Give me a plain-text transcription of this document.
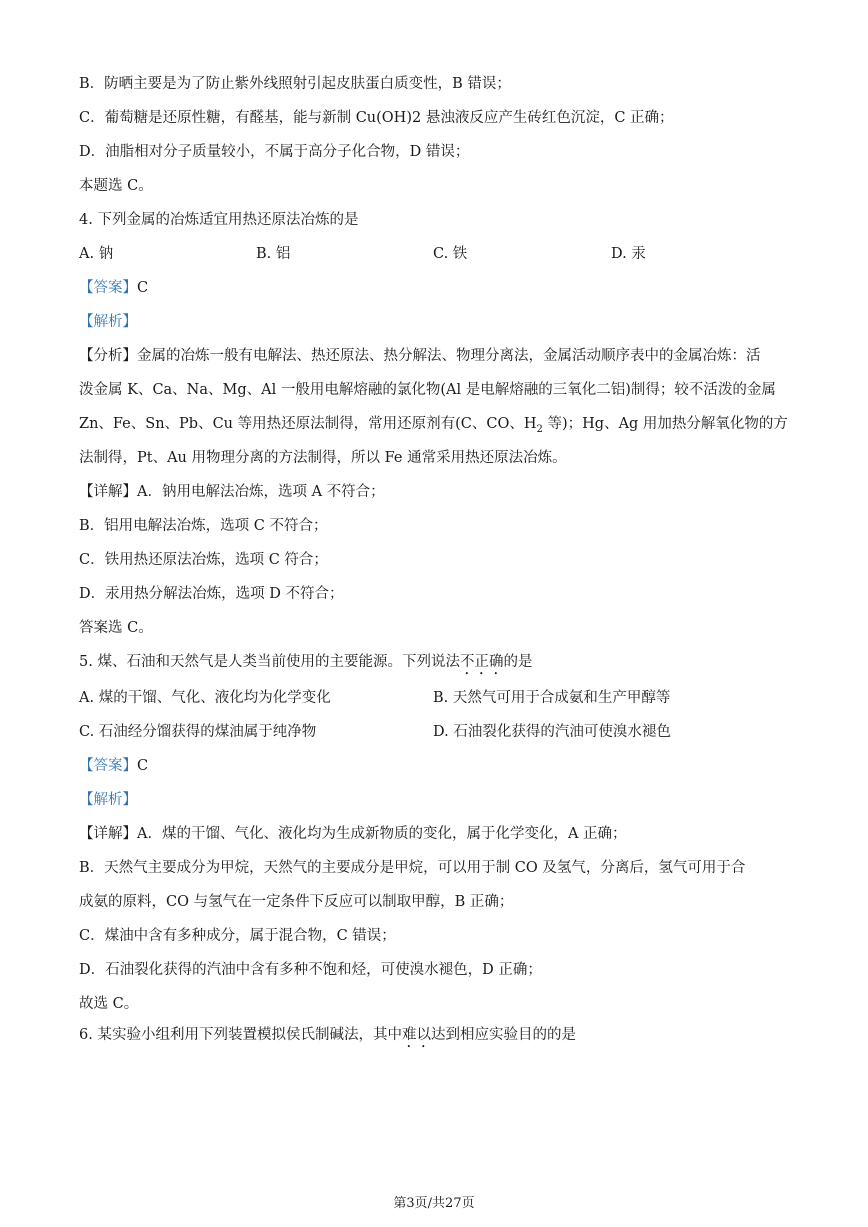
B．防晒主要是为了防止紫外线照射引起皮肤蛋白质变性，B 错误；
C．葡萄糖是还原性糖，有醛基，能与新制 Cu(OH)2 悬浊液反应产生砖红色沉淀，C 正确；
D．油脂相对分子质量较小，不属于高分子化合物，D 错误；
本题选 C。
4. 下列金属的冶炼适宜用热还原法冶炼的是
A. 钠	B. 铝	C. 铁	D. 汞
【答案】C
【解析】
【分析】金属的冶炼一般有电解法、热还原法、热分解法、物理分离法，金属活动顺序表中的金属冶炼：活
泼金属 K、Ca、Na、Mg、Al 一般用电解熔融的氯化物(Al 是电解熔融的三氧化二铝)制得；较不活泼的金属
Zn、Fe、Sn、Pb、Cu 等用热还原法制得，常用还原剂有(C、CO、$H_2$ 等)；Hg、Ag 用加热分解氧化物的方
法制得，Pt、Au 用物理分离的方法制得，所以 Fe 通常采用热还原法冶炼。
【详解】A．钠用电解法冶炼，选项 A 不符合；
B．铝用电解法冶炼，选项 C 不符合；
C．铁用热还原法冶炼，选项 C 符合；
D．汞用热分解法冶炼，选项 D 不符合；
答案选 C。
5. 煤、石油和天然气是人类当前使用的主要能源。下列说法不正确的是
A. 煤的干馏、气化、液化均为化学变化	B. 天然气可用于合成氨和生产甲醇等
C. 石油经分馏获得的煤油属于纯净物	D. 石油裂化获得的汽油可使溴水褪色
【答案】C
【解析】
【详解】A．煤的干馏、气化、液化均为生成新物质的变化，属于化学变化，A 正确；
B．天然气主要成分为甲烷，天然气的主要成分是甲烷，可以用于制 CO 及氢气，分离后，氢气可用于合
成氨的原料，CO 与氢气在一定条件下反应可以制取甲醇，B 正确；
C．煤油中含有多种成分，属于混合物，C 错误；
D．石油裂化获得的汽油中含有多种不饱和烃，可使溴水褪色，D 正确；
故选 C。
6. 某实验小组利用下列装置模拟侯氏制碱法，其中难以达到相应实验目的的是
第3页/共27页
